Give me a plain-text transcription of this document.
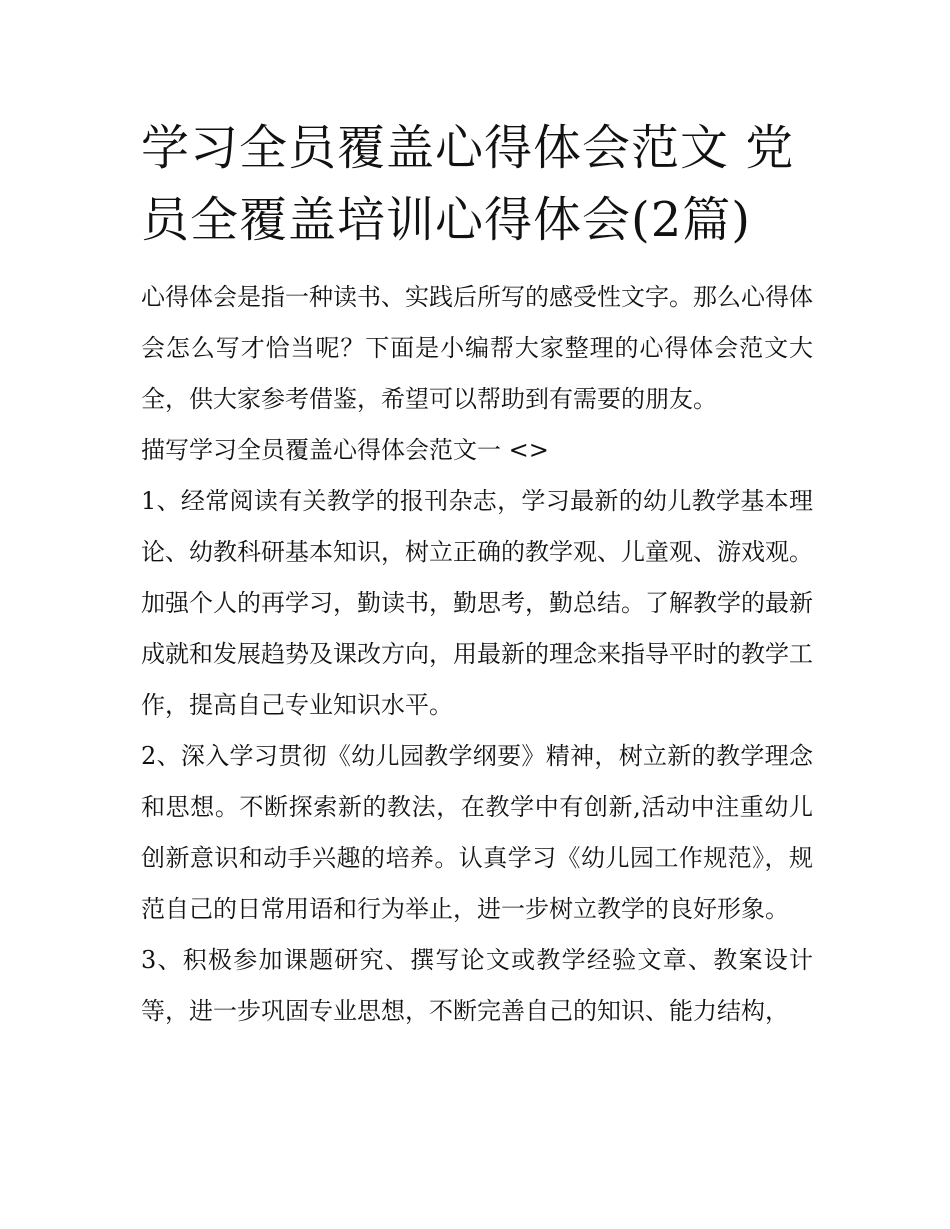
学习全员覆盖心得体会范文 党员全覆盖培训心得体会(2篇)

心得体会是指一种读书、实践后所写的感受性文字。那么心得体会怎么写才恰当呢？下面是小编帮大家整理的心得体会范文大全，供大家参考借鉴，希望可以帮助到有需要的朋友。

描写学习全员覆盖心得体会范文一 <>

1、经常阅读有关教学的报刊杂志，学习最新的幼儿教学基本理论、幼教科研基本知识，树立正确的教学观、儿童观、游戏观。加强个人的再学习，勤读书，勤思考，勤总结。了解教学的最新成就和发展趋势及课改方向，用最新的理念来指导平时的教学工作，提高自己专业知识水平。

2、深入学习贯彻《幼儿园教学纲要》精神，树立新的教学理念和思想。不断探索新的教法，在教学中有创新,活动中注重幼儿创新意识和动手兴趣的培养。认真学习《幼儿园工作规范》，规范自己的日常用语和行为举止，进一步树立教学的良好形象。

3、积极参加课题研究、撰写论文或教学经验文章、教案设计等，进一步巩固专业思想，不断完善自己的知识、能力结构，
